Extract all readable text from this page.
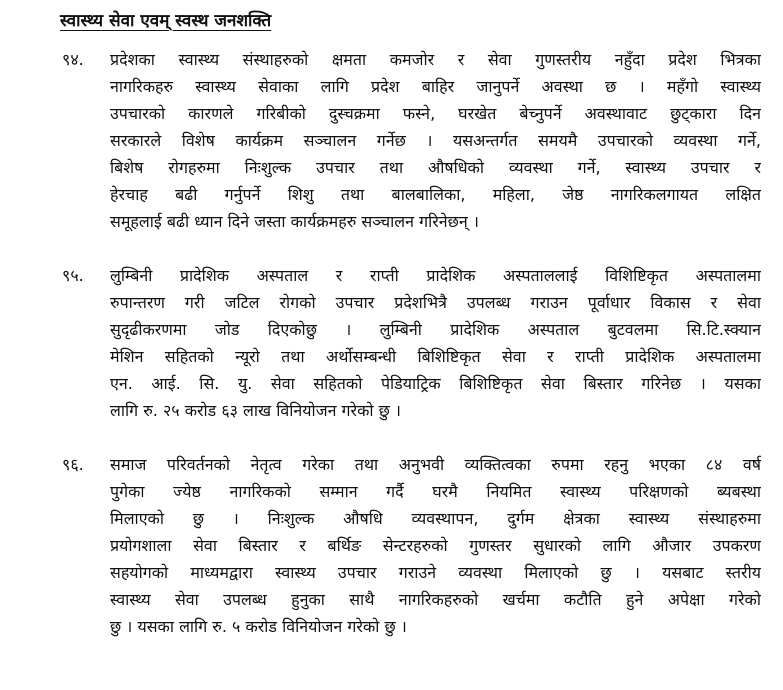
स्वास्थ्य सेवा एवम् स्वस्थ जनशक्ति
९४.	प्रदेशका स्वास्थ्य संस्थाहरुको क्षमता कमजोर र सेवा गुणस्तरीय नहुँदा प्रदेश भित्रका
नागरिकहरु स्वास्थ्य सेवाका लागि प्रदेश बाहिर जानुपर्ने अवस्था छ । महँगो स्वास्थ्य
उपचारको कारणले गरिबीको दुस्चक्रमा फस्ने, घरखेत बेच्नुपर्ने अवस्थावाट छुट्कारा दिन
सरकारले विशेष कार्यक्रम सञ्चालन गर्नेछ । यसअन्तर्गत समयमै उपचारको व्यवस्था गर्ने,
बिशेष रोगहरुमा निःशुल्क उपचार तथा औषधिको व्यवस्था गर्ने, स्वास्थ्य उपचार र
हेरचाह बढी गर्नुपर्ने शिशु तथा बालबालिका, महिला, जेष्ठ नागरिकलगायत लक्षित
समूहलाई बढी ध्यान दिने जस्ता कार्यक्रमहरु सञ्चालन गरिनेछन् ।
९५.	लुम्बिनी प्रादेशिक अस्पताल र राप्ती प्रादेशिक अस्पताललाई विशिष्टिकृत अस्पतालमा
रुपान्तरण गरी जटिल रोगको उपचार प्रदेशभित्रै उपलब्ध गराउन पूर्वाधार विकास र सेवा
सुदृढीकरणमा जोड दिएकोछु । लुम्बिनी प्रादेशिक अस्पताल बुटवलमा सि.टि.स्क्यान
मेशिन सहितको न्यूरो तथा अर्थोसम्बन्धी बिशिष्टिकृत सेवा र राप्ती प्रादेशिक अस्पतालमा
एन. आई. सि. यु. सेवा सहितको पेडियाट्रिक बिशिष्टिकृत सेवा बिस्तार गरिनेछ । यसका
लागि रु. २५ करोड ६३ लाख विनियोजन गरेको छु ।
९६.	समाज परिवर्तनको नेतृत्व गरेका तथा अनुभवी व्यक्तित्वका रुपमा रहनु भएका ८४ वर्ष
पुगेका ज्येष्ठ नागरिकको सम्मान गर्दै घरमै नियमित स्वास्थ्य परिक्षणको ब्यबस्था
मिलाएको छु । निःशुल्क औषधि व्यवस्थापन, दुर्गम क्षेत्रका स्वास्थ्य संस्थाहरुमा
प्रयोगशाला सेवा बिस्तार र बर्थिङ सेन्टरहरुको गुणस्तर सुधारको लागि औजार उपकरण
सहयोगको माध्यमद्वारा स्वास्थ्य उपचार गराउने व्यवस्था मिलाएको छु । यसबाट स्तरीय
स्वास्थ्य सेवा उपलब्ध हुनुका साथै नागरिकहरुको खर्चमा कटौति हुने अपेक्षा गरेको
छु । यसका लागि रु. ५ करोड विनियोजन गरेको छु ।
